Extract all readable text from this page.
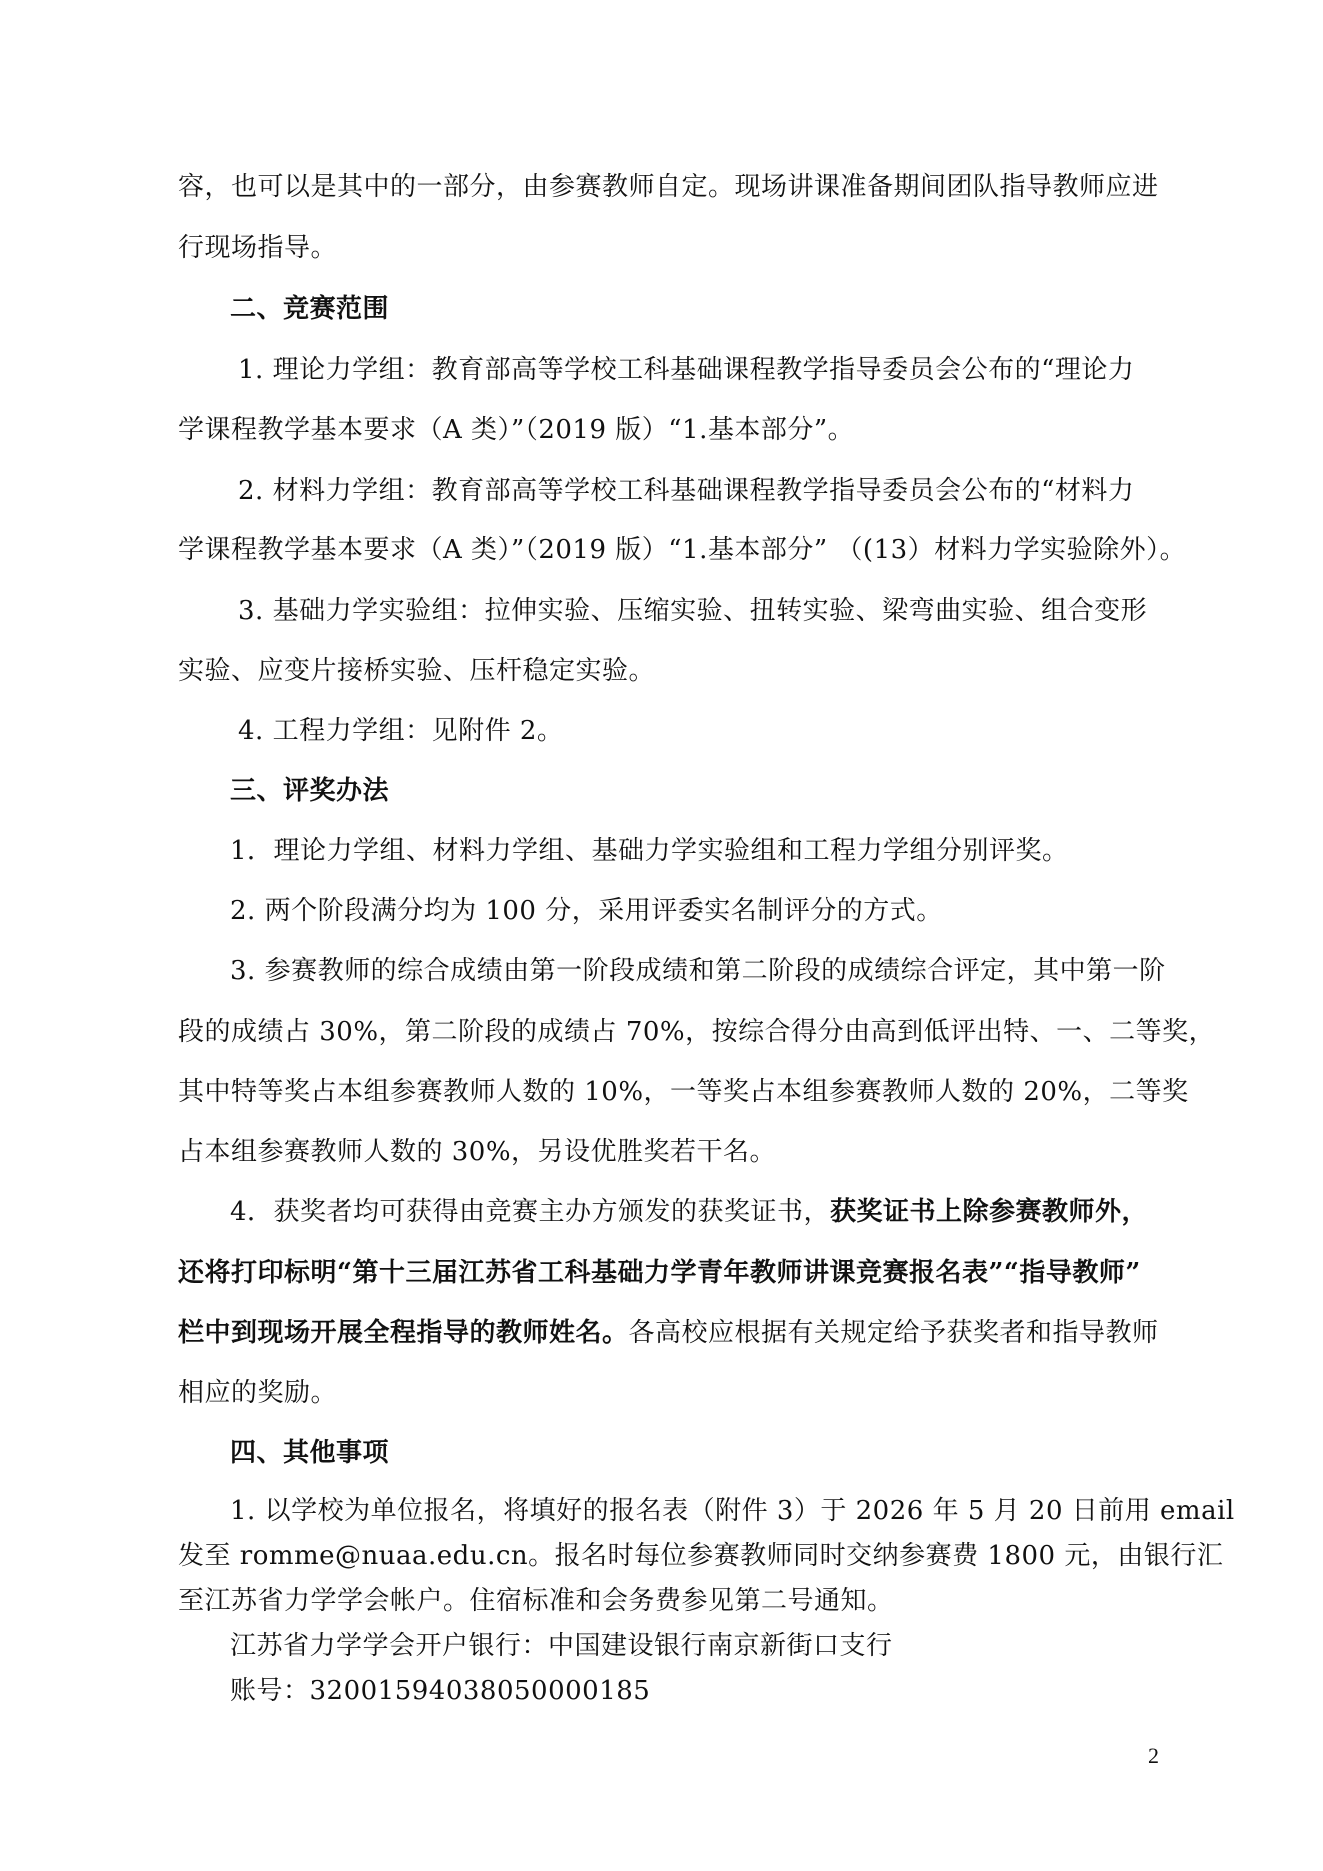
容，也可以是其中的一部分，由参赛教师自定。现场讲课准备期间团队指导教师应进
行现场指导。
二、竞赛范围
1. 理论力学组：教育部高等学校工科基础课程教学指导委员会公布的“理论力
学课程教学基本要求（A 类）”（2019 版）“1.基本部分”。
2. 材料力学组：教育部高等学校工科基础课程教学指导委员会公布的“材料力
学课程教学基本要求（A 类）”（2019 版）“1.基本部分” （(13）材料力学实验除外）。
3. 基础力学实验组：拉伸实验、压缩实验、扭转实验、梁弯曲实验、组合变形
实验、应变片接桥实验、压杆稳定实验。
4. 工程力学组：见附件 2。
三、评奖办法
1．理论力学组、材料力学组、基础力学实验组和工程力学组分别评奖。
2. 两个阶段满分均为 100 分，采用评委实名制评分的方式。
3. 参赛教师的综合成绩由第一阶段成绩和第二阶段的成绩综合评定，其中第一阶
段的成绩占 30%，第二阶段的成绩占 70%，按综合得分由高到低评出特、一、二等奖，
其中特等奖占本组参赛教师人数的 10%，一等奖占本组参赛教师人数的 20%，二等奖
占本组参赛教师人数的 30%，另设优胜奖若干名。
4．获奖者均可获得由竞赛主办方颁发的获奖证书，获奖证书上除参赛教师外，
还将打印标明“第十三届江苏省工科基础力学青年教师讲课竞赛报名表”“指导教师”
栏中到现场开展全程指导的教师姓名。各高校应根据有关规定给予获奖者和指导教师
相应的奖励。
四、其他事项
1. 以学校为单位报名，将填好的报名表（附件 3）于 2026 年 5 月 20 日前用 email
发至 romme@nuaa.edu.cn。报名时每位参赛教师同时交纳参赛费 1800 元，由银行汇
至江苏省力学学会帐户。住宿标准和会务费参见第二号通知。
江苏省力学学会开户银行：中国建设银行南京新街口支行
账号：32001594038050000185
2
